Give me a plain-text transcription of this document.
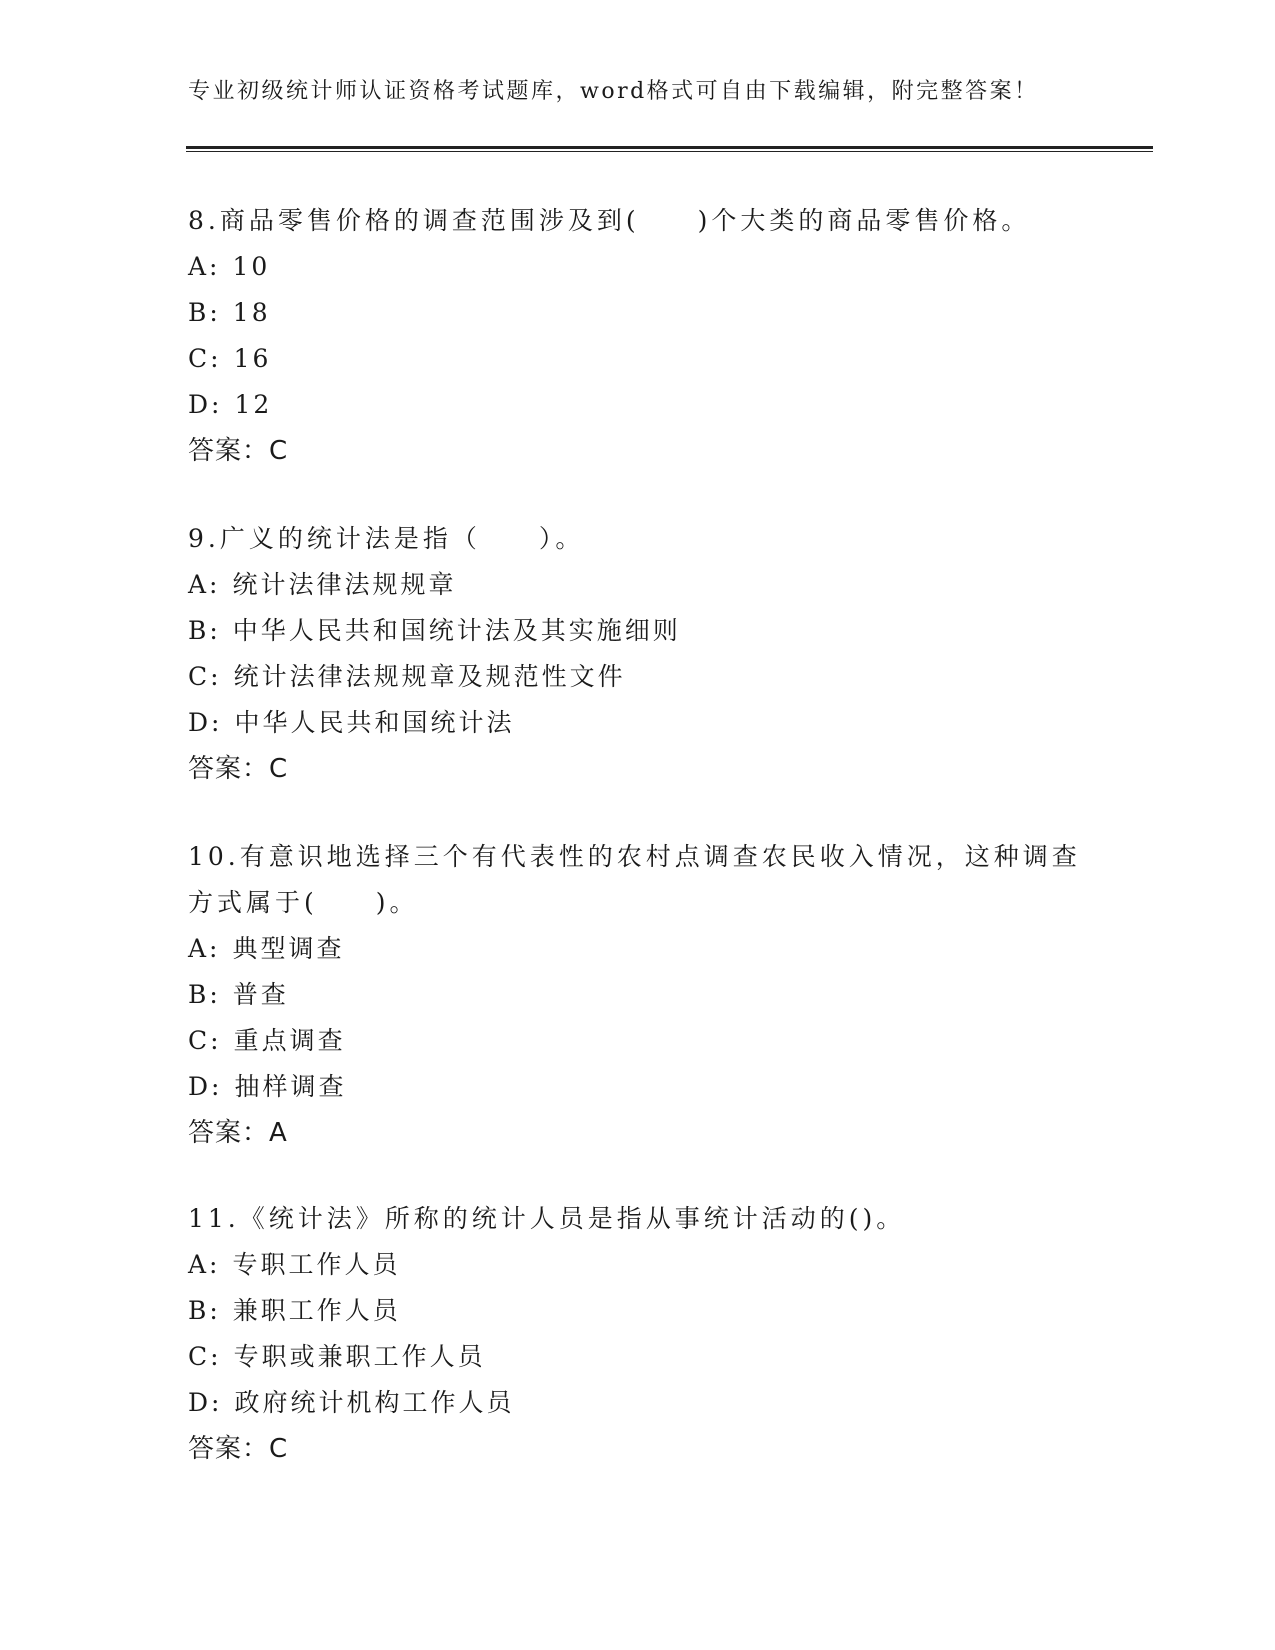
专业初级统计师认证资格考试题库，word格式可自由下载编辑，附完整答案！
8.商品零售价格的调查范围涉及到(　　)个大类的商品零售价格。
A: 10
B: 18
C: 16
D: 12
答案：C
9.广义的统计法是指（　　）。
A: 统计法律法规规章
B: 中华人民共和国统计法及其实施细则
C: 统计法律法规规章及规范性文件
D: 中华人民共和国统计法
答案：C
10.有意识地选择三个有代表性的农村点调查农民收入情况，这种调查
方式属于(　　)。
A: 典型调查
B: 普查
C: 重点调查
D: 抽样调查
答案：A
11.《统计法》所称的统计人员是指从事统计活动的()。
A: 专职工作人员
B: 兼职工作人员
C: 专职或兼职工作人员
D: 政府统计机构工作人员
答案：C
